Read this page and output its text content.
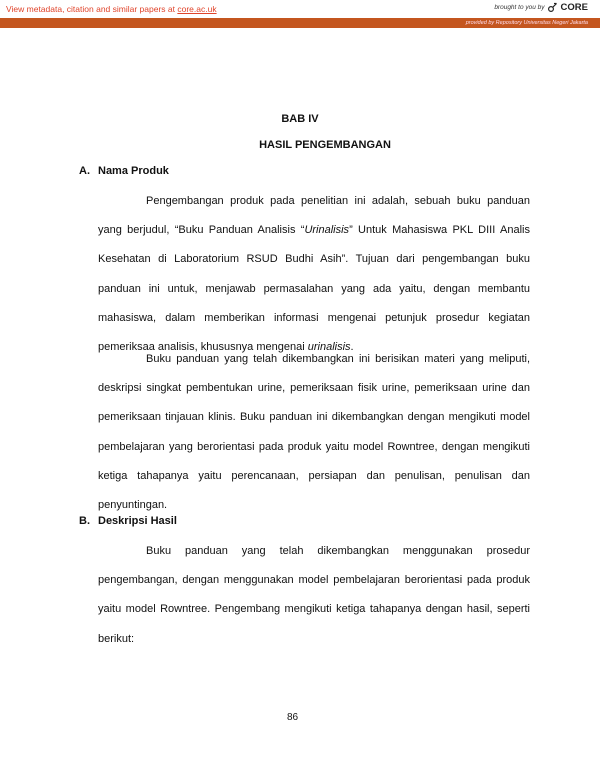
View metadata, citation and similar papers at core.ac.uk	brought to you by CORE
provided by Repository Universitas Negeri Jakarta
BAB IV
HASIL PENGEMBANGAN
A. Nama Produk

Pengembangan produk pada penelitian ini adalah, sebuah buku panduan yang berjudul, “Buku Panduan Analisis “Urinalisis” Untuk Mahasiswa PKL DIII Analis Kesehatan di Laboratorium RSUD Budhi Asih”. Tujuan dari pengembangan buku panduan ini untuk, menjawab permasalahan yang ada yaitu, dengan membantu mahasiswa, dalam memberikan informasi mengenai petunjuk prosedur kegiatan pemeriksaa analisis, khususnya mengenai urinalisis.

Buku panduan yang telah dikembangkan ini berisikan materi yang meliputi, deskripsi singkat pembentukan urine, pemeriksaan fisik urine, pemeriksaan urine dan pemeriksaan tinjauan klinis. Buku panduan ini dikembangkan dengan mengikuti model pembelajaran yang berorientasi pada produk yaitu model Rowntree, dengan mengikuti ketiga tahapanya yaitu perencanaan, persiapan dan penulisan, penulisan dan penyuntingan.

B. Deskripsi Hasil

Buku panduan yang telah dikembangkan menggunakan prosedur pengembangan, dengan menggunakan model pembelajaran berorientasi pada produk yaitu model Rowntree. Pengembang mengikuti ketiga tahapanya dengan hasil, seperti berikut:

86
